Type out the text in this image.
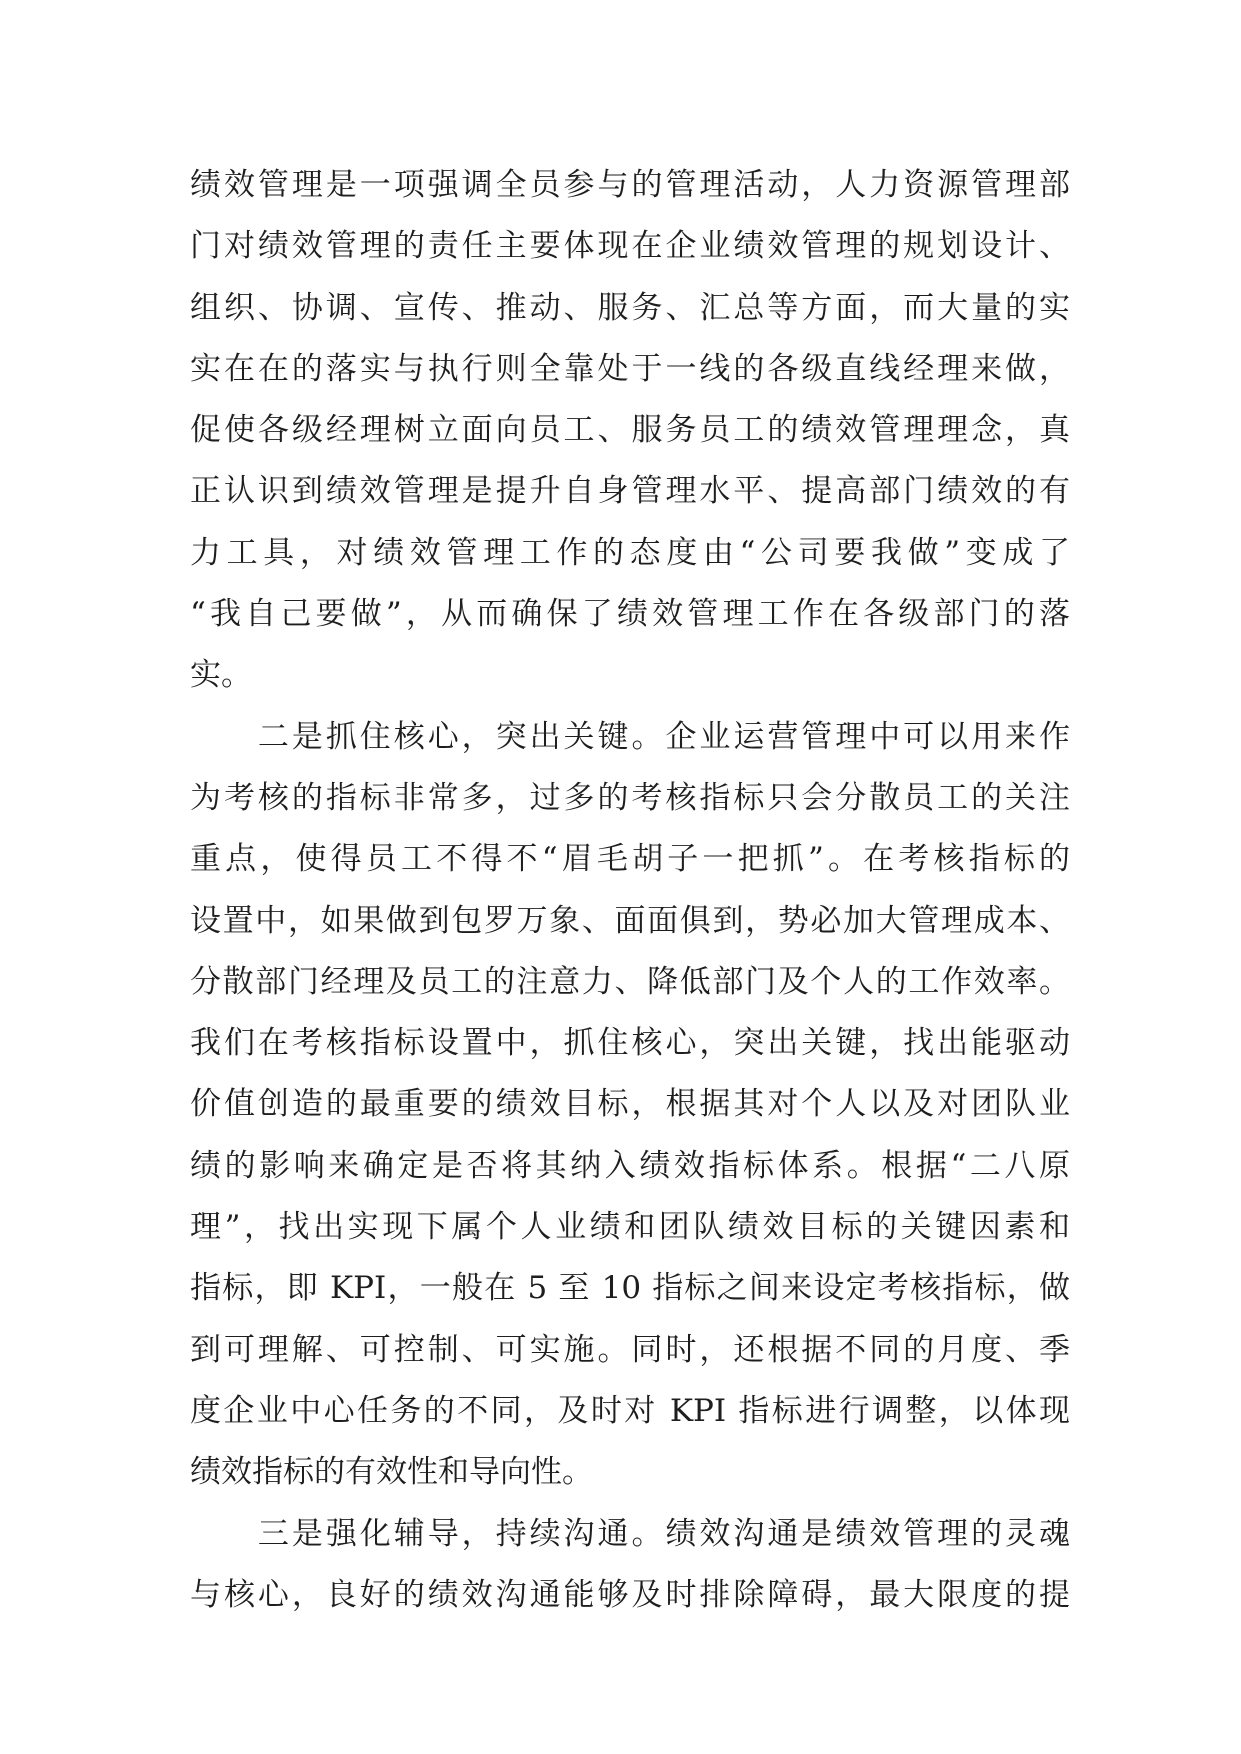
绩效管理是一项强调全员参与的管理活动，人力资源管理部
门对绩效管理的责任主要体现在企业绩效管理的规划设计、
组织、协调、宣传、推动、服务、汇总等方面，而大量的实
实在在的落实与执行则全靠处于一线的各级直线经理来做，
促使各级经理树立面向员工、服务员工的绩效管理理念，真
正认识到绩效管理是提升自身管理水平、提高部门绩效的有
力工具，对绩效管理工作的态度由“公司要我做”变成了
“我自己要做”，从而确保了绩效管理工作在各级部门的落
实。
　　二是抓住核心，突出关键。企业运营管理中可以用来作
为考核的指标非常多，过多的考核指标只会分散员工的关注
重点，使得员工不得不“眉毛胡子一把抓”。在考核指标的
设置中，如果做到包罗万象、面面俱到，势必加大管理成本、
分散部门经理及员工的注意力、降低部门及个人的工作效率。
我们在考核指标设置中，抓住核心，突出关键，找出能驱动
价值创造的最重要的绩效目标，根据其对个人以及对团队业
绩的影响来确定是否将其纳入绩效指标体系。根据“二八原
理”，找出实现下属个人业绩和团队绩效目标的关键因素和
指标，即 KPI，一般在 5 至 10 指标之间来设定考核指标，做
到可理解、可控制、可实施。同时，还根据不同的月度、季
度企业中心任务的不同，及时对 KPI 指标进行调整，以体现
绩效指标的有效性和导向性。
　　三是强化辅导，持续沟通。绩效沟通是绩效管理的灵魂
与核心，良好的绩效沟通能够及时排除障碍，最大限度的提
